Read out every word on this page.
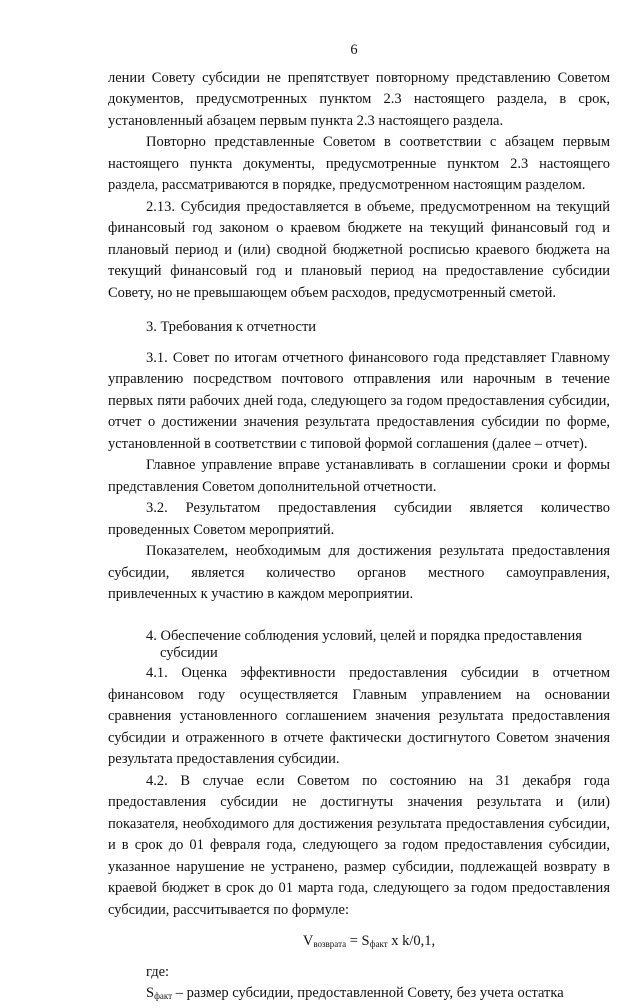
6

лении Совету субсидии не препятствует повторному представлению Советом документов, предусмотренных пунктом 2.3 настоящего раздела, в срок, установленный абзацем первым пункта 2.3 настоящего раздела.

Повторно представленные Советом в соответствии с абзацем первым настоящего пункта документы, предусмотренные пунктом 2.3 настоящего раздела, рассматриваются в порядке, предусмотренном настоящим разделом.

2.13. Субсидия предоставляется в объеме, предусмотренном на текущий финансовый год законом о краевом бюджете на текущий финансовый год и плановый период и (или) сводной бюджетной росписью краевого бюджета на текущий финансовый год и плановый период на предоставление субсидии Совету, но не превышающем объем расходов, предусмотренный сметой.

3. Требования к отчетности

3.1. Совет по итогам отчетного финансового года представляет Главному управлению посредством почтового отправления или нарочным в течение первых пяти рабочих дней года, следующего за годом предоставления субсидии, отчет о достижении значения результата предоставления субсидии по форме, установленной в соответствии с типовой формой соглашения (далее – отчет).

Главное управление вправе устанавливать в соглашении сроки и формы представления Советом дополнительной отчетности.

3.2. Результатом предоставления субсидии является количество проведенных Советом мероприятий.

Показателем, необходимым для достижения результата предоставления субсидии, является количество органов местного самоуправления, привлеченных к участию в каждом мероприятии.

4. Обеспечение соблюдения условий, целей и порядка предоставления
субсидии

4.1. Оценка эффективности предоставления субсидии в отчетном финансовом году осуществляется Главным управлением на основании сравнения установленного соглашением значения результата предоставления субсидии и отраженного в отчете фактически достигнутого Советом значения результата предоставления субсидии.

4.2. В случае если Советом по состоянию на 31 декабря года предоставления субсидии не достигнуты значения результата и (или) показателя, необходимого для достижения результата предоставления субсидии, и в срок до 01 февраля года, следующего за годом предоставления субсидии, указанное нарушение не устранено, размер субсидии, подлежащей возврату в краевой бюджет в срок до 01 марта года, следующего за годом предоставления субсидии, рассчитывается по формуле:

$V_{возврата} = S_{факт}$ x k/0,1,

где:

$S_{факт}$ – размер субсидии, предоставленной Совету, без учета остатка
